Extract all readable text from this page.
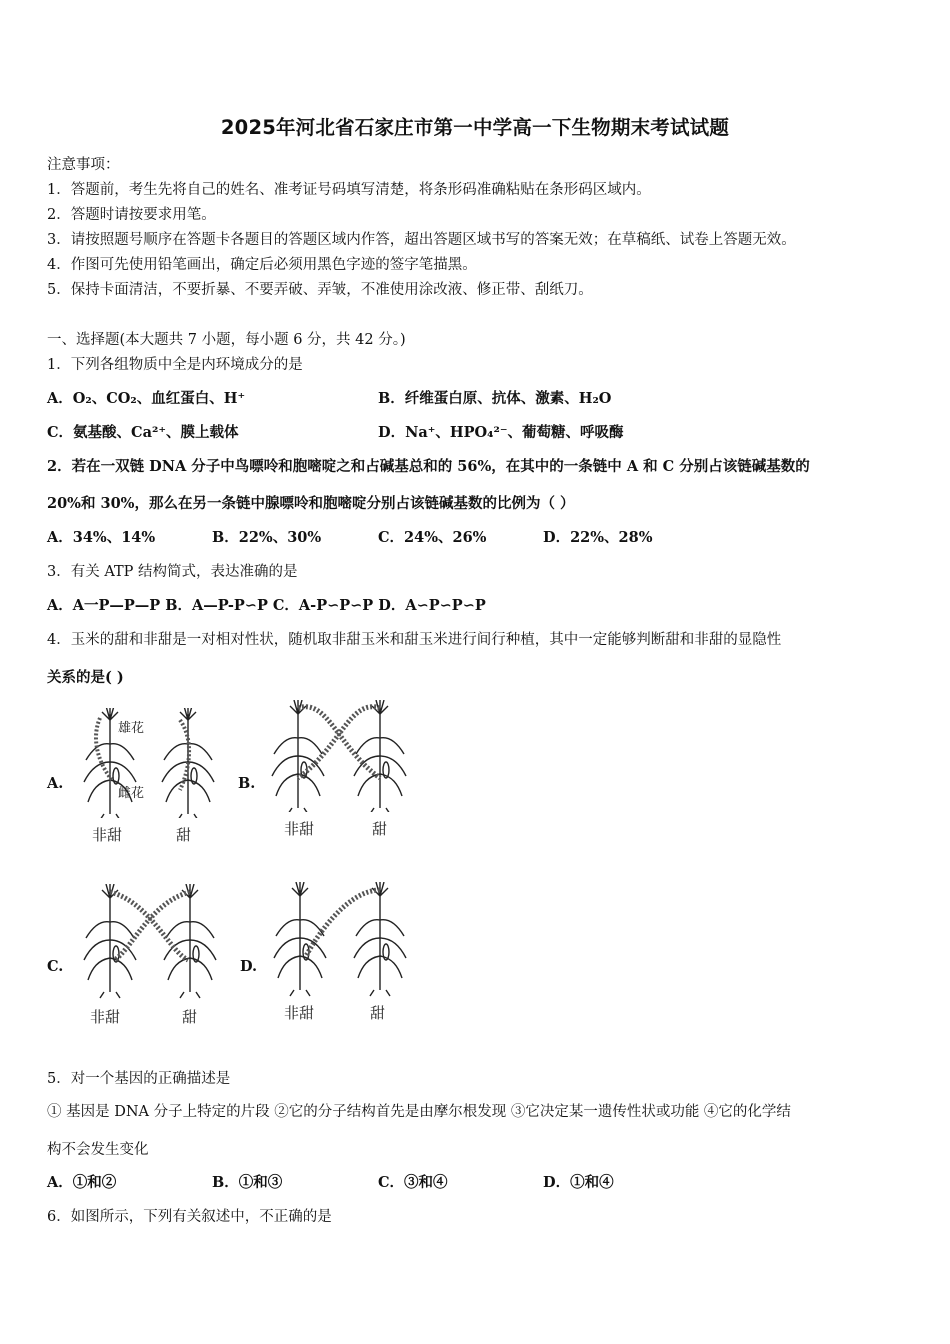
2025年河北省石家庄市第一中学高一下生物期末考试试题
注意事项：
1．答题前，考生先将自己的姓名、准考证号码填写清楚，将条形码准确粘贴在条形码区域内。
2．答题时请按要求用笔。
3．请按照题号顺序在答题卡各题目的答题区域内作答，超出答题区域书写的答案无效；在草稿纸、试卷上答题无效。
4．作图可先使用铅笔画出，确定后必须用黑色字迹的签字笔描黑。
5．保持卡面清洁，不要折暴、不要弄破、弄皱，不准使用涂改液、修正带、刮纸刀。
一、选择题(本大题共 7 小题，每小题 6 分，共 42 分。)
1．下列各组物质中全是内环境成分的是
A．O₂、CO₂、血红蛋白、H⁺	B．纤维蛋白原、抗体、激素、H₂O
C．氨基酸、Ca²⁺、膜上载体	D．Na⁺、HPO₄²⁻、葡萄糖、呼吸酶
2．若在一双链 DNA 分子中鸟嘌呤和胞嘧啶之和占碱基总和的 56%，在其中的一条链中 A 和 C 分别占该链碱基数的
20%和 30%，那么在另一条链中腺嘌呤和胞嘧啶分别占该链碱基数的比例为（ ）
A．34%、14%	B．22%、30%	C．24%、26%	D．22%、28%
3．有关 ATP 结构简式，表达准确的是
A．A一P—P—P B．A—P-P∽P C．A-P∽P∽P D．A∽P∽P∽P
4．玉米的甜和非甜是一对相对性状，随机取非甜玉米和甜玉米进行间行种植，其中一定能够判断甜和非甜的显隐性
关系的是( )
A.	B.
C.	D.
雄花
雌花
非甜	甜	非甜	甜
非甜	甜	非甜	甜
5．对一个基因的正确描述是
① 基因是 DNA 分子上特定的片段 ②它的分子结构首先是由摩尔根发现 ③它决定某一遗传性状或功能 ④它的化学结
构不会发生变化
A．①和②	B．①和③	C．③和④	D．①和④
6．如图所示，下列有关叙述中，不正确的是
